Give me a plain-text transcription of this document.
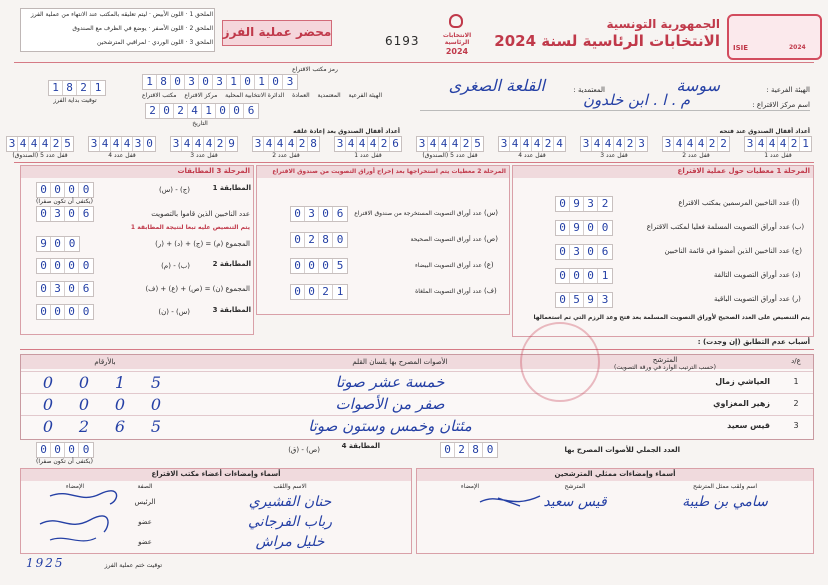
ISIE	2024
الجمهورية التونسية
الانتخابات الرئاسية لسنة 2024
الانتخابات الرئاسية
2024
6193
محضر عملية الفرز
الملحق 1 · اللون الأبيض · ليتم تعليقه بالمكتب عند الانتهاء من عملية الفرز
الملحق 2 · اللون الأصفر · يوضع في الظرف مع الصندوق
الملحق 3 · اللون الوردي · لمراقبي المترشحين
رمز مكتب الاقتراع
1 8 0 3 0 3 1 0 1 0 3
الهيئة الفرعية
المعتمدية
العمادة
الدائرة الانتخابية المحلية
مركز الاقتراع
مكتب الاقتراع
1 8 2 1
توقيت بداية الفرز
2 0 2 4 1 0 0 6
التاريخ
الهيئة الفرعية :
سوسة
المعتمدية :
القلعة الصغرى
اسم مركز الاقتراع :
م . ا . ابن خلدون
أعداد أقفال الصندوق عند فتحه
أعداد أقفال الصندوق بعد إعادة غلقه
3 4 4 4 2 1
قفل عدد 1
3 4 4 4 2 2
قفل عدد 2
3 4 4 4 2 3
قفل عدد 3
3 4 4 4 2 4
قفل عدد 4
3 4 4 4 2 5
قفل عدد 5 (الصندوق)
3 4 4 4 2 6
قفل عدد 1
3 4 4 4 2 8
قفل عدد 2
3 4 4 4 2 9
قفل عدد 3
3 4 4 4 3 0
قفل عدد 4
3 4 4 4 2 5
قفل عدد 5 (الصندوق)
المرحلة 1 معطيات حول عملية الاقتراع
0 9 3 2	عدد الناخبين المرسمين بمكتب الاقتراع (أ)
0 9 0 0	عدد أوراق التصويت المسلمة فعليا لمكتب الاقتراع (ب)
0 3 0 6	عدد الناخبين الذين أمضوا في قائمة الناخبين (ج)
0 0 0 1	عدد أوراق التصويت التالفة (د)
0 5 9 3	عدد أوراق التصويت الباقية (ر)
يتم التنصيص على العدد الصحيح لأوراق التصويت المسلمة بعد فتح وعد الرزم التي تم استعمالها
المرحلة 2 معطيات يتم استخراجها بعد إخراج أوراق التصويت من صندوق الاقتراع
0 3 0 6	عدد أوراق التصويت المستخرجة من صندوق الاقتراع (س)
0 2 8 0	عدد أوراق التصويت الصحيحة (ص)
0 0 0 5	عدد أوراق التصويت البيضاء (ع)
0 0 2 1	عدد أوراق التصويت الملغاة (ف)
المرحلة 3 المطابقات
0 0 0 0	(ج) - (س)	المطابقة 1
(يكتفى أن تكون صفرا)
0 3 0 6	عدد الناخبين الذين قاموا بالتصويت
يتم التنصيص عليه تبعا لنتيجة المطابقة 1
9 0 0	المجموع (م) = (ج) + (د) + (ر)
0 0 0 0	(ب) - (م)	المطابقة 2
0 3 0 6	المجموع (ن) = (ص) + (ع) + (ف)
0 0 0 0	(س) - (ن)	المطابقة 3
أسباب عدم التطابق (إن وجدت) :
ع/د
المترشح
(حسب الترتيب الوارد في ورقة التصويت)
الأصوات المصرح بها بلسان القلم
بالأرقام
1
العياشي زمال
خمسة عشر صوتا
0	0	1	5
2
زهير المغزاوي
صفر من الأصوات
0	0	0	0
3
قيس سعيد
مئتان وخمس وستون صوتا
0	2	6	5
العدد الجملي للأصوات المصرح بها
0 2 8 0
المطابقة 4
(ص) - (ق)
0 0 0 0
(يكتفى أن تكون صفرا)
أسماء وإمضاءات أعضاء مكتب الاقتراع
الإمضاء	الصفة	الاسم واللقب
الرئيس	حنان القشيري
عضو	رباب الفرجاني
عضو	خليل مراش
أسماء وإمضاءات ممثلي المترشحين
الإمضاء	المترشح	اسم ولقب ممثل المترشح
قيس سعيد	سامي بن طيبة
توقيت ختم عملية الفرز
1925
